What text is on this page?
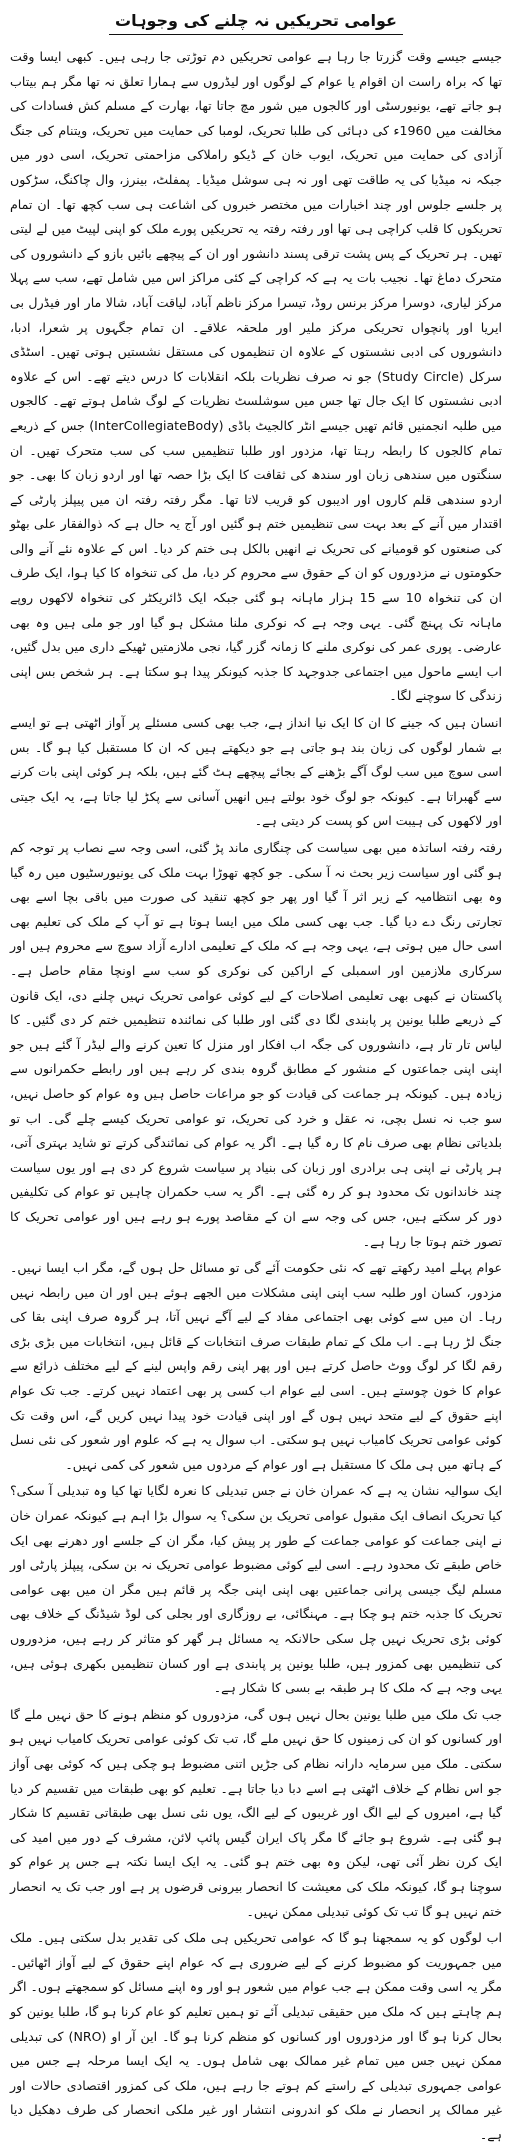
عوامی تحریکیں نہ چلنے کی وجوہات

جیسے جیسے وقت گزرتا جا رہا ہے عوامی تحریکیں دم توڑتی جا رہی ہیں۔ کبھی ایسا وقت تھا کہ براہ راست ان اقوام یا عوام کے لوگوں اور لیڈروں سے ہمارا تعلق نہ تھا مگر ہم بیتاب ہو جاتے تھے، یونیورسٹی اور کالجوں میں شور مچ جاتا تھا، بھارت کے مسلم کش فسادات کی مخالفت میں 1960ء کی دہائی کی طلبا تحریک، لومبا کی حمایت میں تحریک، ویتنام کی جنگ آزادی کی حمایت میں تحریک، ایوب خان کے ڈیکو راملاکی مزاحمتی تحریک، اسی دور میں جبکہ نہ میڈیا کی یہ طاقت تھی اور نہ ہی سوشل میڈیا۔ پمفلٹ، بینرز، وال چاکنگ، سڑکوں پر جلسے جلوس اور چند اخبارات میں مختصر خبروں کی اشاعت ہی سب کچھ تھا۔ ان تمام تحریکوں کا قلب کراچی ہی تھا اور رفتہ رفتہ یہ تحریکیں پورے ملک کو اپنی لپیٹ میں لے لیتی تھیں۔ ہر تحریک کے پس پشت ترقی پسند دانشور اور ان کے پیچھے بائیں بازو کے دانشوروں کی متحرک دماغ تھا۔ نجیب بات یہ ہے کہ کراچی کے کئی مراکز اس میں شامل تھے، سب سے پہلا مرکز لیاری، دوسرا مرکز برنس روڈ، تیسرا مرکز ناظم آباد، لیاقت آباد، شالا مار اور فیڈرل بی ایریا اور پانچواں تحریکی مرکز ملیر اور ملحقہ علاقے۔ ان تمام جگہوں پر شعرا، ادبا، دانشوروں کی ادبی نشستوں کے علاوہ ان تنظیموں کی مستقل نشستیں ہوتی تھیں۔ اسٹڈی سرکل (Study Circle) جو نہ صرف نظریات بلکہ انقلابات کا درس دیتے تھے۔ اس کے علاوہ ادبی نشستوں کا ایک جال تھا جس میں سوشلسٹ نظریات کے لوگ شامل ہوتے تھے۔ کالجوں میں طلبہ انجمنیں قائم تھیں جیسے انٹر کالجیٹ باڈی (InterCollegiateBody) جس کے ذریعے تمام کالجوں کا رابطہ رہتا تھا، مزدور اور طلبا تنظیمیں سب کی سب متحرک تھیں۔ ان سنگتوں میں سندھی زبان اور سندھ کی ثقافت کا ایک بڑا حصہ تھا اور اردو زبان کا بھی۔ جو اردو سندھی قلم کاروں اور ادیبوں کو قریب لاتا تھا۔ مگر رفتہ رفتہ ان میں پیپلز پارٹی کے اقتدار میں آنے کے بعد بہت سی تنظیمیں ختم ہو گئیں اور آج یہ حال ہے کہ ذوالفقار علی بھٹو کی صنعتوں کو قومیانے کی تحریک نے انھیں بالکل ہی ختم کر دیا۔ اس کے علاوہ نئے آنے والی حکومتوں نے مزدوروں کو ان کے حقوق سے محروم کر دیا، مل کی تنخواہ کا کیا ہوا، ایک طرف ان کی تنخواہ 10 سے 15 ہزار ماہانہ ہو گئی جبکہ ایک ڈائریکٹر کی تنخواہ لاکھوں روپے ماہانہ تک پہنچ گئی۔ یہی وجہ ہے کہ نوکری ملنا مشکل ہو گیا اور جو ملی ہیں وہ بھی عارضی۔ پوری عمر کی نوکری ملنے کا زمانہ گزر گیا، نجی ملازمتیں ٹھیکے داری میں بدل گئیں، اب ایسے ماحول میں اجتماعی جدوجہد کا جذبہ کیونکر پیدا ہو سکتا ہے۔ ہر شخص بس اپنی زندگی کا سوچنے لگا۔

انسان ہیں کہ جینے کا ان کا ایک نیا انداز ہے، جب بھی کسی مسئلے پر آواز اٹھتی ہے تو ایسے بے شمار لوگوں کی زبان بند ہو جاتی ہے جو دیکھتے ہیں کہ ان کا مستقبل کیا ہو گا۔ بس اسی سوچ میں سب لوگ آگے بڑھنے کے بجائے پیچھے ہٹ گئے ہیں، بلکہ ہر کوئی اپنی بات کرنے سے گھبراتا ہے۔ کیونکہ جو لوگ خود بولتے ہیں انھیں آسانی سے پکڑ لیا جاتا ہے، یہ ایک جیتی اور لاکھوں کی ہیبت اس کو پست کر دیتی ہے۔

رفتہ رفتہ اساتذہ میں بھی سیاست کی چنگاری ماند پڑ گئی، اسی وجہ سے نصاب پر توجہ کم ہو گئی اور سیاست زیر بحث نہ آ سکی۔ جو کچھ تھوڑا بہت ملک کی یونیورسٹیوں میں رہ گیا وہ بھی انتظامیہ کے زیر اثر آ گیا اور پھر جو کچھ تنقید کی صورت میں باقی بچا اسے بھی تجارتی رنگ دے دیا گیا۔ جب بھی کسی ملک میں ایسا ہوتا ہے تو آپ کے ملک کی تعلیم بھی اسی حال میں ہوتی ہے، یہی وجہ ہے کہ ملک کے تعلیمی ادارے آزاد سوچ سے محروم ہیں اور سرکاری ملازمین اور اسمبلی کے اراکین کی نوکری کو سب سے اونچا مقام حاصل ہے۔ پاکستان نے کبھی بھی تعلیمی اصلاحات کے لیے کوئی عوامی تحریک نہیں چلنے دی، ایک قانون کے ذریعے طلبا یونین پر پابندی لگا دی گئی اور طلبا کی نمائندہ تنظیمیں ختم کر دی گئیں۔ کا لیاس تار تار ہے، دانشوروں کی جگہ اب افکار اور منزل کا تعین کرنے والے لیڈر آ گئے ہیں جو اپنی اپنی جماعتوں کے منشور کے مطابق گروہ بندی کر رہے ہیں اور رابطے حکمرانوں سے زیادہ ہیں۔ کیونکہ ہر جماعت کی قیادت کو جو مراعات حاصل ہیں وہ عوام کو حاصل نہیں، سو جب نہ نسل بچی، نہ عقل و خرد کی تحریک، تو عوامی تحریک کیسے چلے گی۔ اب تو بلدیاتی نظام بھی صرف نام کا رہ گیا ہے۔ اگر یہ عوام کی نمائندگی کرتے تو شاید بہتری آتی، ہر پارٹی نے اپنی ہی برادری اور زبان کی بنیاد پر سیاست شروع کر دی ہے اور یوں سیاست چند خاندانوں تک محدود ہو کر رہ گئی ہے۔ اگر یہ سب حکمران چاہیں تو عوام کی تکلیفیں دور کر سکتے ہیں، جس کی وجہ سے ان کے مقاصد پورے ہو رہے ہیں اور عوامی تحریک کا تصور ختم ہوتا جا رہا ہے۔

عوام پہلے امید رکھتے تھے کہ نئی حکومت آئے گی تو مسائل حل ہوں گے، مگر اب ایسا نہیں۔ مزدور، کسان اور طلبہ سب اپنی اپنی مشکلات میں الجھے ہوئے ہیں اور ان میں رابطہ نہیں رہا۔ ان میں سے کوئی بھی اجتماعی مفاد کے لیے آگے نہیں آتا، ہر گروہ صرف اپنی بقا کی جنگ لڑ رہا ہے۔ اب ملک کے تمام طبقات صرف انتخابات کے قائل ہیں، انتخابات میں بڑی بڑی رقم لگا کر لوگ ووٹ حاصل کرتے ہیں اور پھر اپنی رقم واپس لینے کے لیے مختلف ذرائع سے عوام کا خون چوستے ہیں۔ اسی لیے عوام اب کسی پر بھی اعتماد نہیں کرتے۔ جب تک عوام اپنے حقوق کے لیے متحد نہیں ہوں گے اور اپنی قیادت خود پیدا نہیں کریں گے، اس وقت تک کوئی عوامی تحریک کامیاب نہیں ہو سکتی۔ اب سوال یہ ہے کہ علوم اور شعور کی نئی نسل کے ہاتھ میں ہی ملک کا مستقبل ہے اور عوام کے مردوں میں شعور کی کمی نہیں۔

ایک سوالیہ نشان یہ ہے کہ عمران خان نے جس تبدیلی کا نعرہ لگایا تھا کیا وہ تبدیلی آ سکی؟ کیا تحریک انصاف ایک مقبول عوامی تحریک بن سکی؟ یہ سوال بڑا اہم ہے کیونکہ عمران خان نے اپنی جماعت کو عوامی جماعت کے طور پر پیش کیا، مگر ان کے جلسے اور دھرنے بھی ایک خاص طبقے تک محدود رہے۔ اسی لیے کوئی مضبوط عوامی تحریک نہ بن سکی، پیپلز پارٹی اور مسلم لیگ جیسی پرانی جماعتیں بھی اپنی اپنی جگہ پر قائم ہیں مگر ان میں بھی عوامی تحریک کا جذبہ ختم ہو چکا ہے۔ مہنگائی، بے روزگاری اور بجلی کی لوڈ شیڈنگ کے خلاف بھی کوئی بڑی تحریک نہیں چل سکی حالانکہ یہ مسائل ہر گھر کو متاثر کر رہے ہیں، مزدوروں کی تنظیمیں بھی کمزور ہیں، طلبا یونین پر پابندی ہے اور کسان تنظیمیں بکھری ہوئی ہیں، یہی وجہ ہے کہ ملک کا ہر طبقہ بے بسی کا شکار ہے۔

جب تک ملک میں طلبا یونین بحال نہیں ہوں گی، مزدوروں کو منظم ہونے کا حق نہیں ملے گا اور کسانوں کو ان کی زمینوں کا حق نہیں ملے گا، تب تک کوئی عوامی تحریک کامیاب نہیں ہو سکتی۔ ملک میں سرمایہ دارانہ نظام کی جڑیں اتنی مضبوط ہو چکی ہیں کہ کوئی بھی آواز جو اس نظام کے خلاف اٹھتی ہے اسے دبا دیا جاتا ہے۔ تعلیم کو بھی طبقات میں تقسیم کر دیا گیا ہے، امیروں کے لیے الگ اور غریبوں کے لیے الگ، یوں نئی نسل بھی طبقاتی تقسیم کا شکار ہو گئی ہے۔ شروع ہو جائے گا مگر پاک ایران گیس پائپ لائن، مشرف کے دور میں امید کی ایک کرن نظر آئی تھی، لیکن وہ بھی ختم ہو گئی۔ یہ ایک ایسا نکتہ ہے جس پر عوام کو سوچنا ہو گا، کیونکہ ملک کی معیشت کا انحصار بیرونی قرضوں پر ہے اور جب تک یہ انحصار ختم نہیں ہو گا تب تک کوئی تبدیلی ممکن نہیں۔

اب لوگوں کو یہ سمجھنا ہو گا کہ عوامی تحریکیں ہی ملک کی تقدیر بدل سکتی ہیں۔ ملک میں جمہوریت کو مضبوط کرنے کے لیے ضروری ہے کہ عوام اپنے حقوق کے لیے آواز اٹھائیں۔ مگر یہ اسی وقت ممکن ہے جب عوام میں شعور ہو اور وہ اپنے مسائل کو سمجھتے ہوں۔ اگر ہم چاہتے ہیں کہ ملک میں حقیقی تبدیلی آئے تو ہمیں تعلیم کو عام کرنا ہو گا، طلبا یونین کو بحال کرنا ہو گا اور مزدوروں اور کسانوں کو منظم کرنا ہو گا۔ این آر او (NRO) کی تبدیلی ممکن نہیں جس میں تمام غیر ممالک بھی شامل ہوں۔ یہ ایک ایسا مرحلہ ہے جس میں عوامی جمہوری تبدیلی کے راستے کم ہوتے جا رہے ہیں، ملک کی کمزور اقتصادی حالات اور غیر ممالک پر انحصار نے ملک کو اندرونی انتشار اور غیر ملکی انحصار کی طرف دھکیل دیا ہے۔
